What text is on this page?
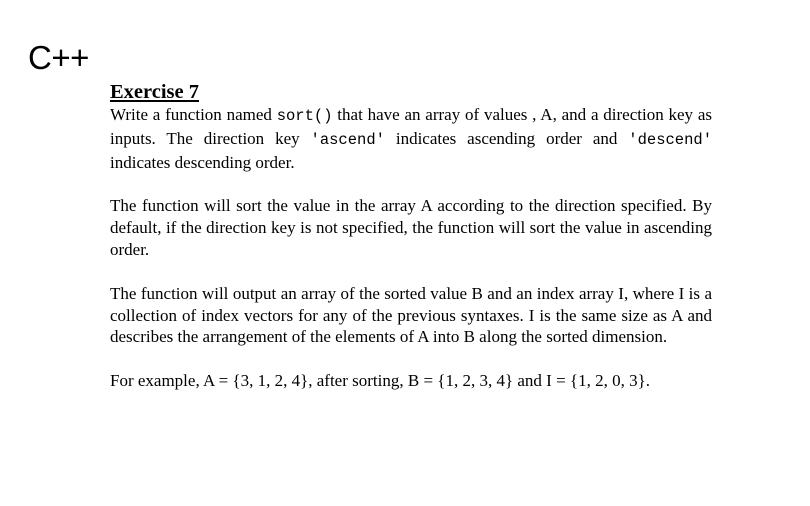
C++
Exercise 7

Write a function named sort() that have an array of values , A, and a direction key as inputs. The direction key 'ascend' indicates ascending order and 'descend' indicates descending order.

The function will sort the value in the array A according to the direction specified. By default, if the direction key is not specified, the function will sort the value in ascending order.

The function will output an array of the sorted value B and an index array I, where I is a collection of index vectors for any of the previous syntaxes. I is the same size as A and describes the arrangement of the elements of A into B along the sorted dimension.

For example, A = {3, 1, 2, 4}, after sorting, B = {1, 2, 3, 4} and I = {1, 2, 0, 3}.
